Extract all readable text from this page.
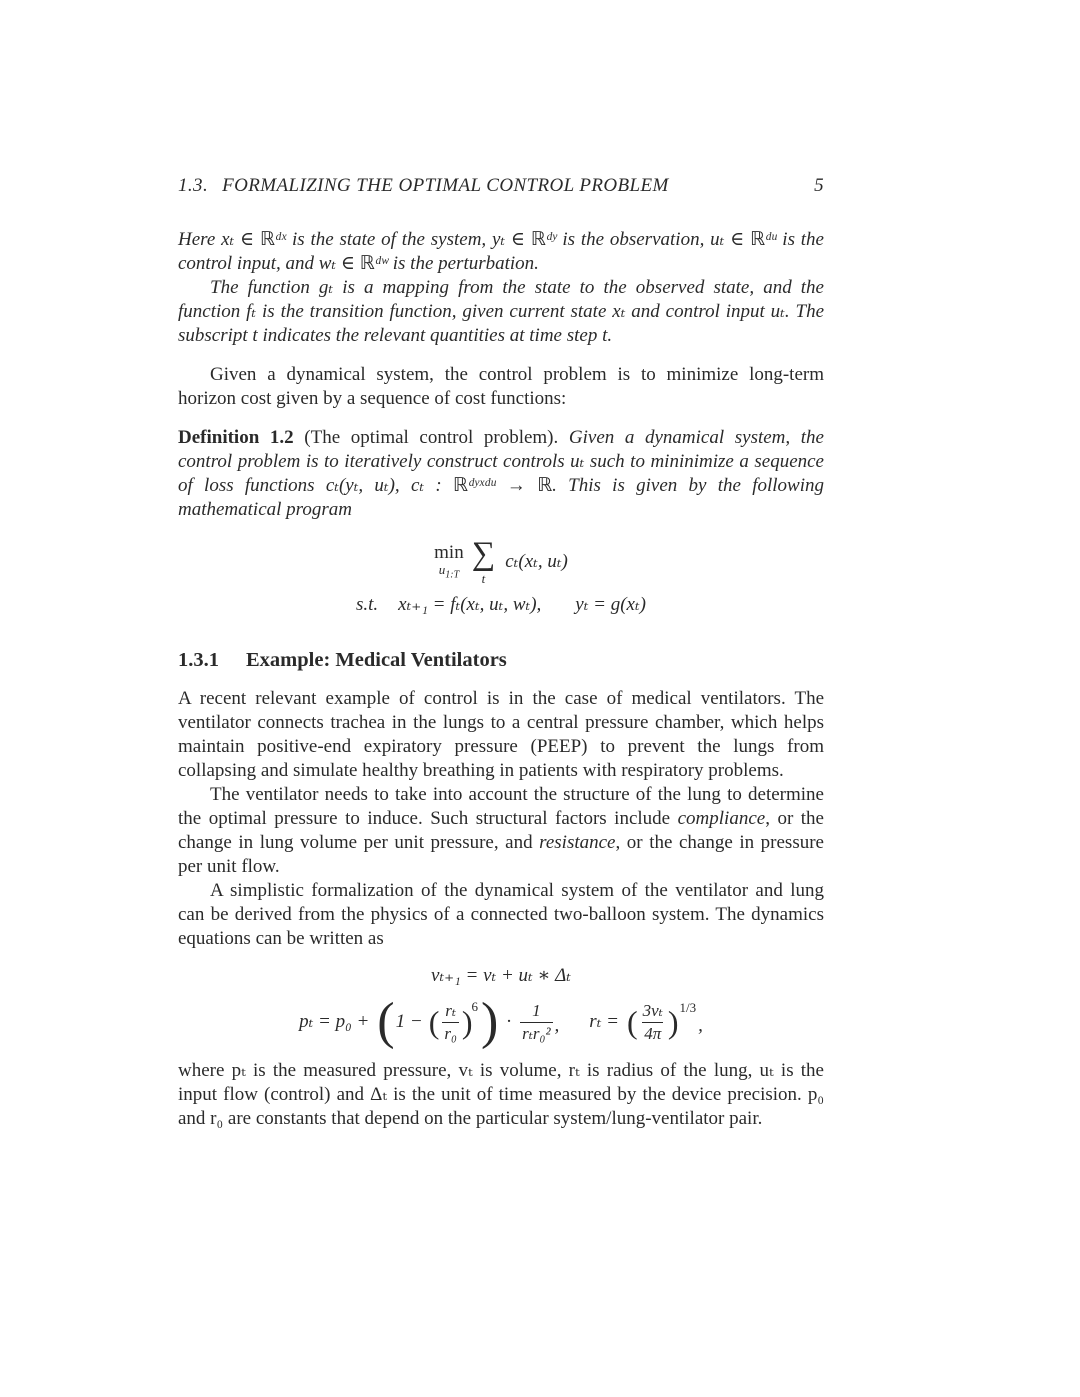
1.3. FORMALIZING THE OPTIMAL CONTROL PROBLEM	5

Here xₜ ∈ ℝᵈˣ is the state of the system, yₜ ∈ ℝᵈʸ is the observation, uₜ ∈ ℝᵈᵘ is the control input, and wₜ ∈ ℝᵈʷ is the perturbation.

The function gₜ is a mapping from the state to the observed state, and the function fₜ is the transition function, given current state xₜ and control input uₜ. The subscript t indicates the relevant quantities at time step t.

Given a dynamical system, the control problem is to minimize long-term horizon cost given by a sequence of cost functions:

Definition 1.2 (The optimal control problem). Given a dynamical system, the control problem is to iteratively construct controls uₜ such to mininimize a sequence of loss functions cₜ(yₜ, uₜ), cₜ : ℝᵈʸˣᵈᵘ → ℝ. This is given by the following mathematical program

min
$u_{1:T}$
∑
t
cₜ(xₜ, uₜ)
s.t. xₜ₊₁ = fₜ(xₜ, uₜ, wₜ), yₜ = g(xₜ)
1.3.1 Example: Medical Ventilators

A recent relevant example of control is in the case of medical ventilators. The ventilator connects trachea in the lungs to a central pressure chamber, which helps maintain positive-end expiratory pressure (PEEP) to prevent the lungs from collapsing and simulate healthy breathing in patients with respiratory problems.

The ventilator needs to take into account the structure of the lung to determine the optimal pressure to induce. Such structural factors include compliance, or the change in lung volume per unit pressure, and resistance, or the change in pressure per unit flow.

A simplistic formalization of the dynamical system of the ventilator and lung can be derived from the physics of a connected two-balloon system. The dynamics equations can be written as

vₜ₊₁ = vₜ + uₜ ∗ Δₜ
pₜ = p₀ + ( 1 − ( $\frac{\text{rₜ}}{\text{r₀}}$ ) 6 ) · $\frac{1}{\text{rₜr₀²}}$ , rₜ = ( $\frac{\text{3vₜ}}{4\pi}$ ) 1/3
,

where pₜ is the measured pressure, vₜ is volume, rₜ is radius of the lung, uₜ is the input flow (control) and Δₜ is the unit of time measured by the device precision. p₀ and r₀ are constants that depend on the particular system/lung-ventilator pair.
